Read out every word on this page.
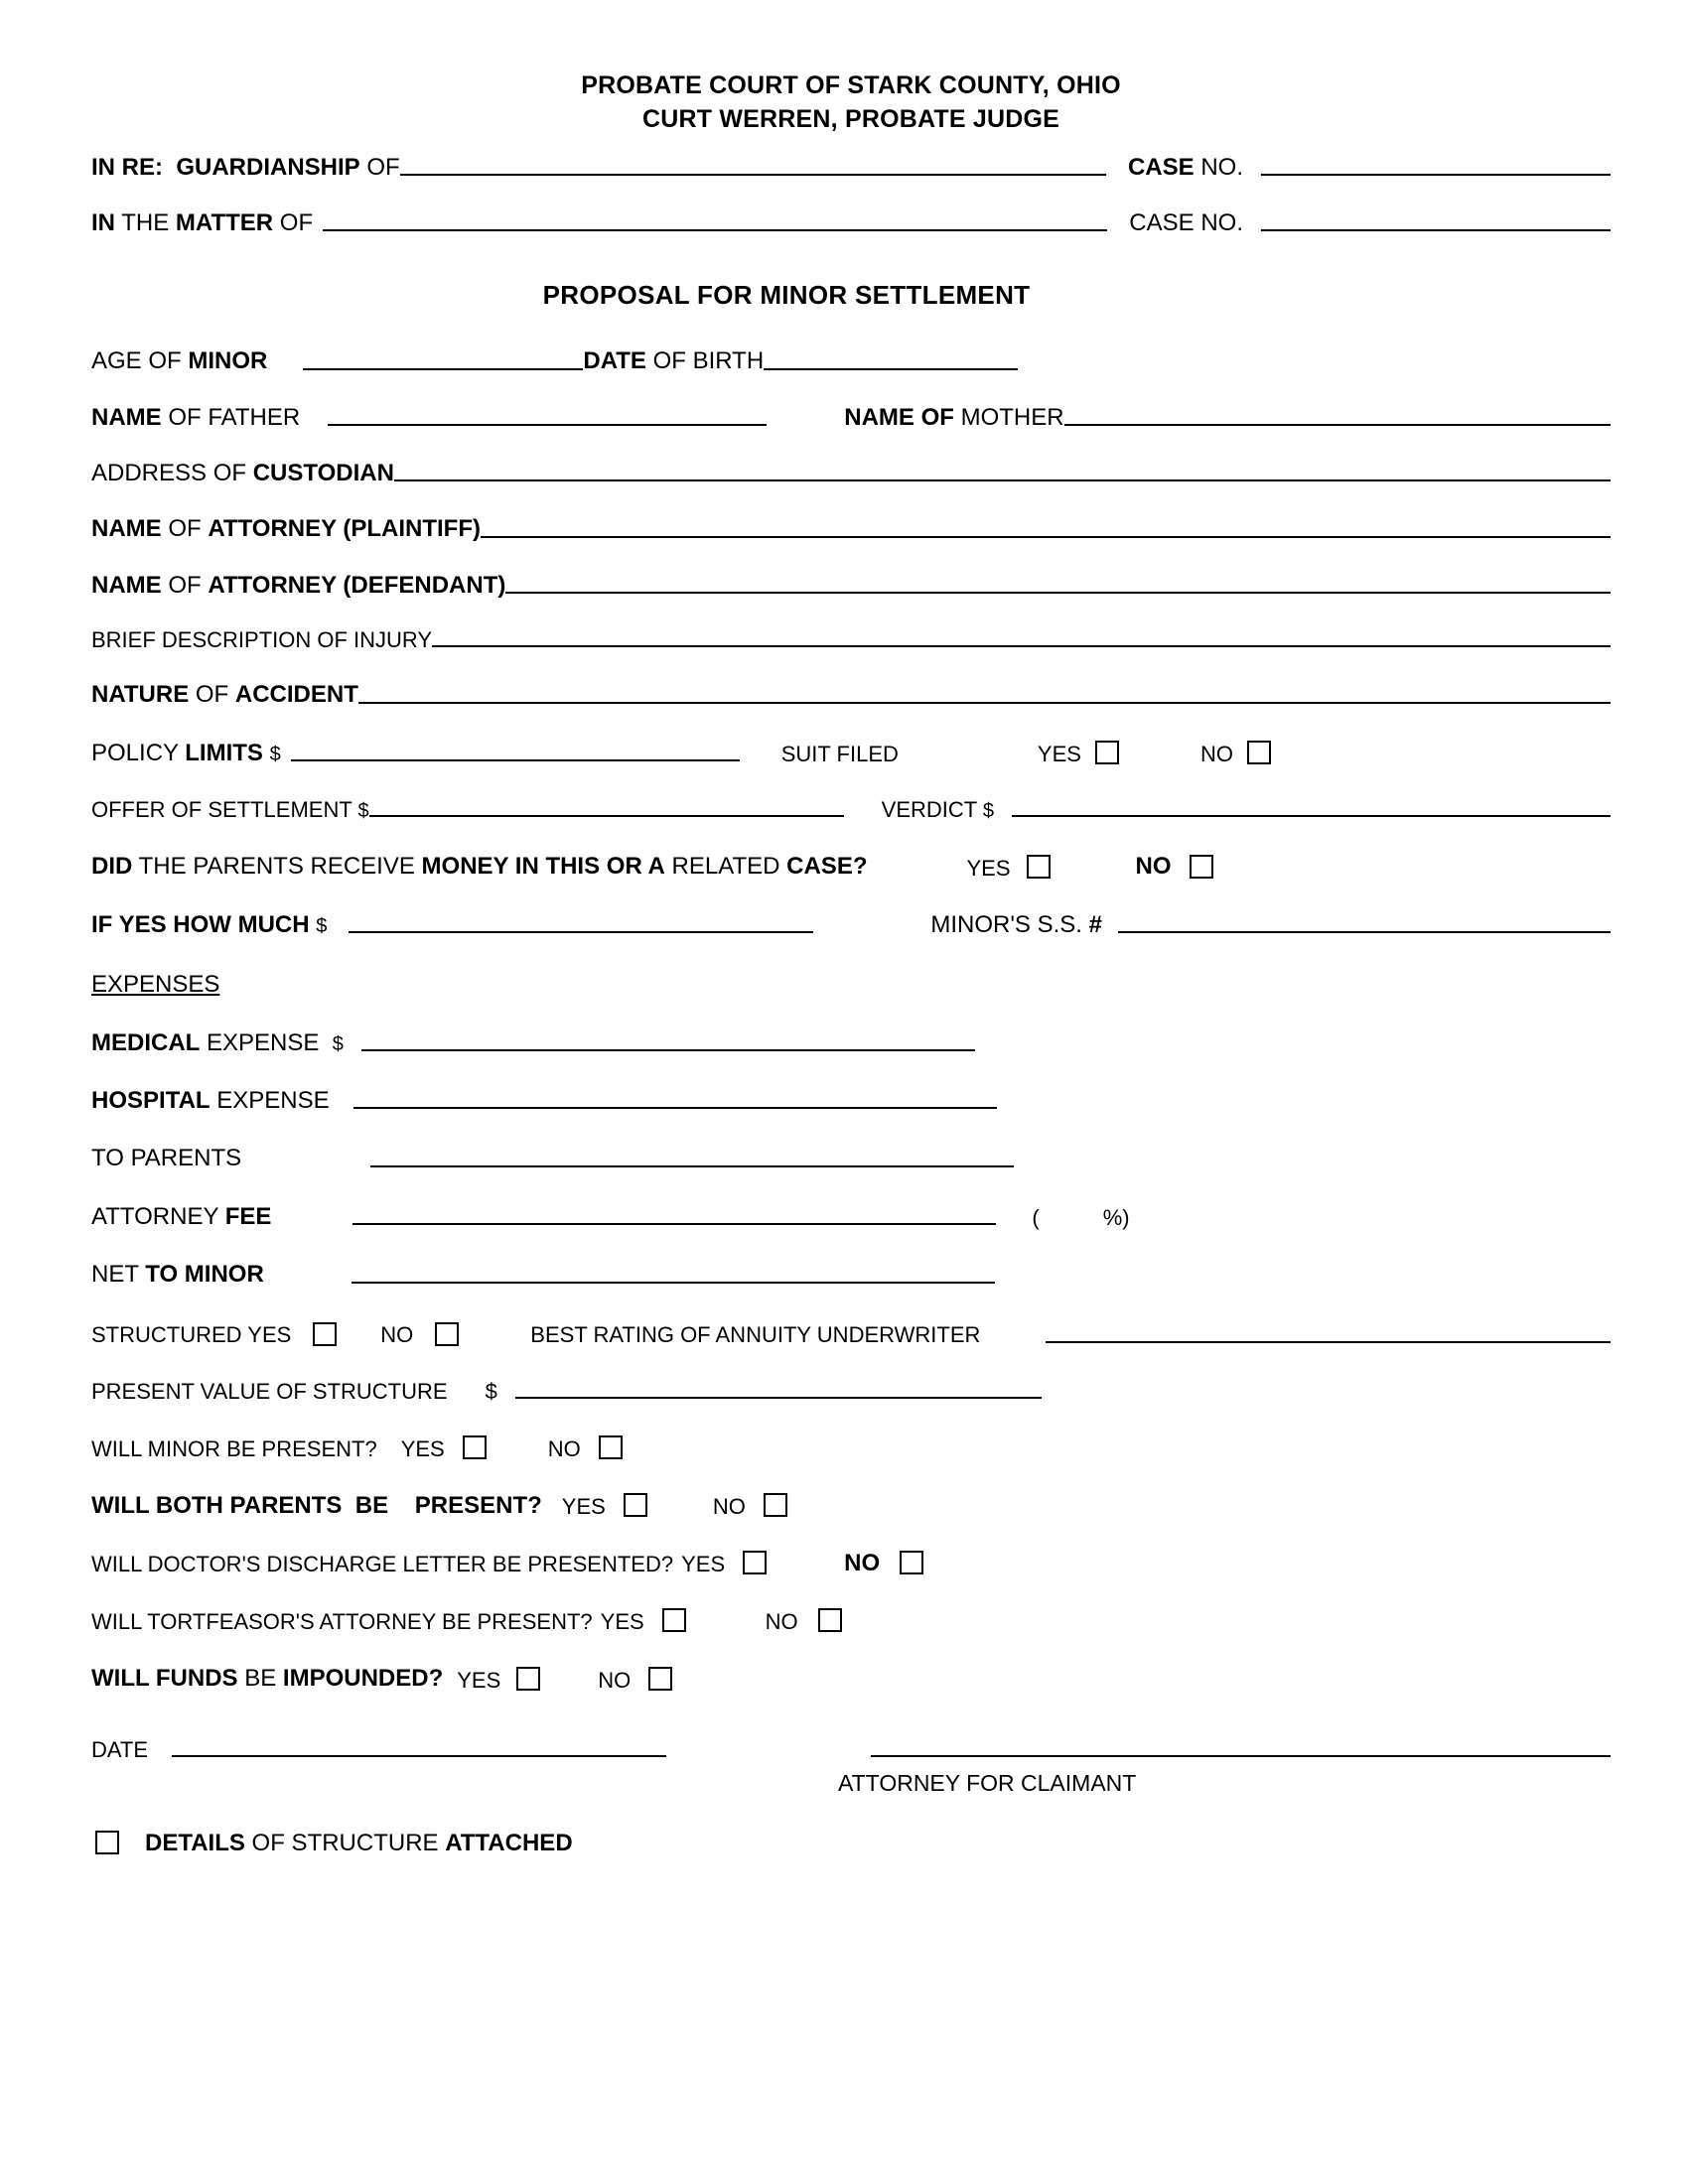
PROBATE COURT OF STARK COUNTY, OHIO
CURT WERREN, PROBATE JUDGE
IN RE: GUARDIANSHIP OF	CASE NO.
IN THE MATTER OF	CASE NO.
PROPOSAL FOR MINOR SETTLEMENT
AGE OF MINOR	DATE OF BIRTH
NAME OF FATHER	NAME OF MOTHER
ADDRESS OF CUSTODIAN
NAME OF ATTORNEY (PLAINTIFF)
NAME OF ATTORNEY (DEFENDANT)
BRIEF DESCRIPTION OF INJURY
NATURE OF ACCIDENT
POLICY LIMITS $	SUIT FILED	YES	NO
OFFER OF SETTLEMENT $	VERDICT $
DID THE PARENTS RECEIVE MONEY IN THIS OR A RELATED CASE?	YES	NO
IF YES HOW MUCH $	MINOR'S S.S. #
EXPENSES
MEDICAL EXPENSE  $
HOSPITAL EXPENSE
TO PARENTS
ATTORNEY FEE	(	%)
NET TO MINOR
STRUCTURED YES	NO	BEST RATING OF ANNUITY UNDERWRITER
PRESENT VALUE OF STRUCTURE $
WILL MINOR BE PRESENT? YES	NO
WILL BOTH PARENTS  BE    PRESENT? YES	NO
WILL DOCTOR'S DISCHARGE LETTER BE PRESENTED? YES	NO
WILL TORTFEASOR'S ATTORNEY BE PRESENT? YES	NO
WILL FUNDS BE IMPOUNDED? YES	NO
DATE
ATTORNEY FOR CLAIMANT
DETAILS OF STRUCTURE ATTACHED
